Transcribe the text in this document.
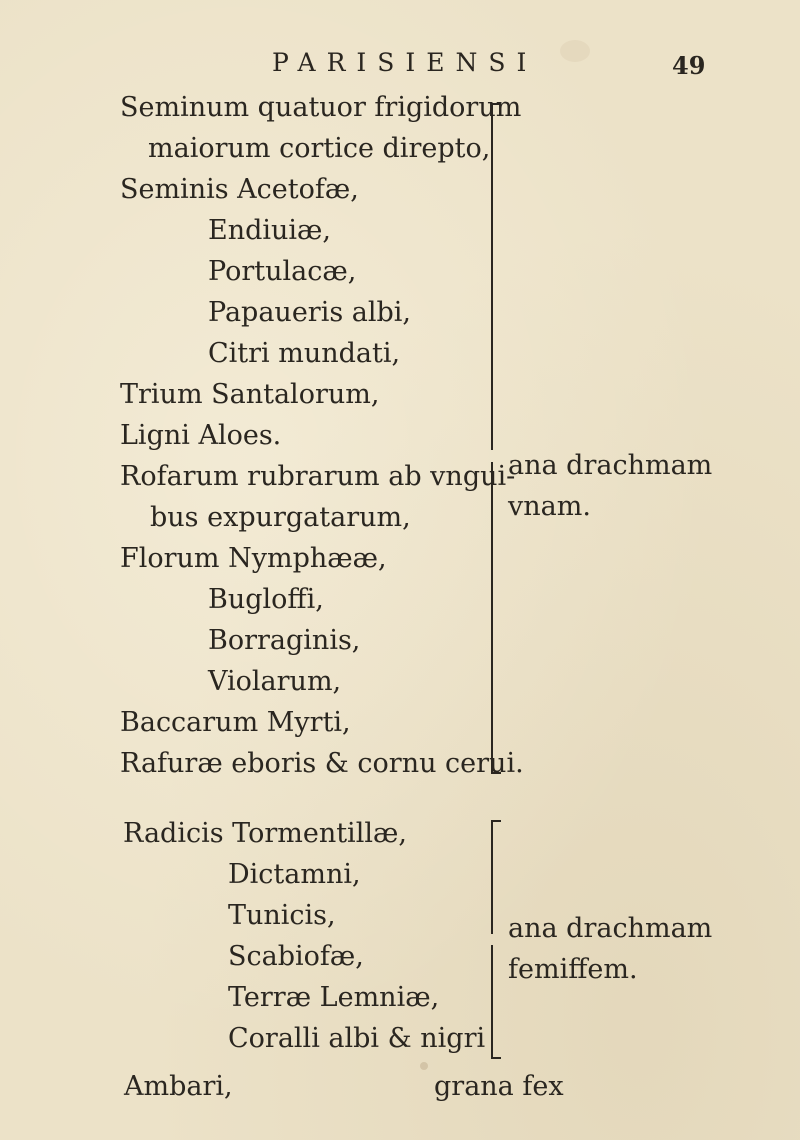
PARISIENSI	49
Seminum quatuor frigidorum
maiorum cortice direpto,
Seminis Acetofæ,
Endiuiæ,
Portulacæ,
Papaueris albi,
Citri mundati,
Trium Santalorum,
Ligni Aloes.
Rofarum rubrarum ab vngui-
bus expurgatarum,
Florum Nymphææ,
Bugloffi,
Borraginis,
Violarum,
Baccarum Myrti,
Rafuræ eboris & cornu cerui.
ana drachmam
vnam.
Radicis Tormentillæ,
Dictamni,
Tunicis,
Scabiofæ,
Terræ Lemniæ,
Coralli albi & nigri
ana drachmam
femiffem.
Ambari,	grana fex
